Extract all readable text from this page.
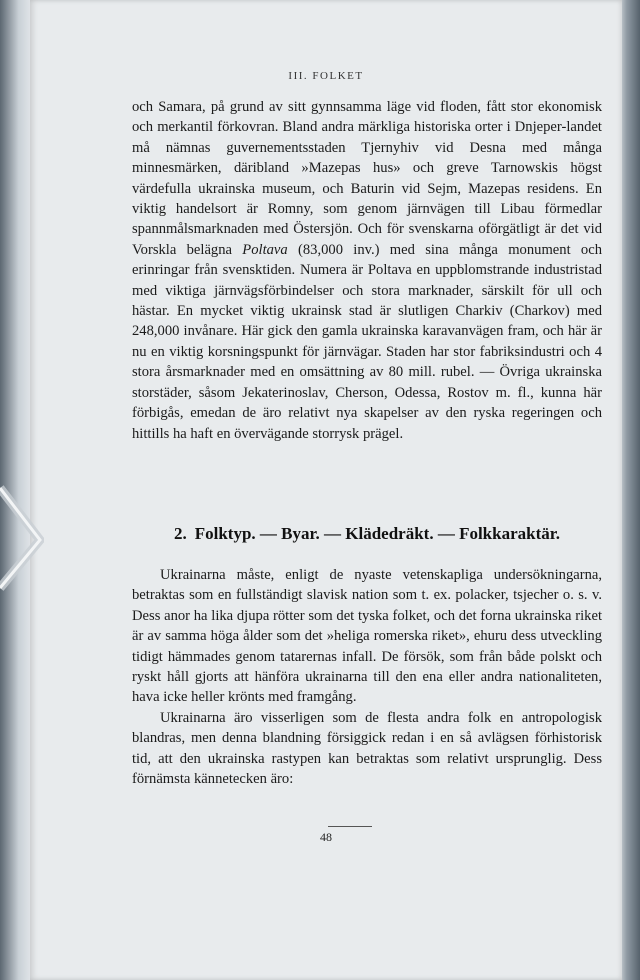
III. FOLKET

och Samara, på grund av sitt gynnsamma läge vid floden, fått stor ekonomisk och merkantil förkovran. Bland andra märkliga historiska orter i Dnjeper-landet må nämnas guvernementsstaden Tjernyhiv vid Desna med många minnesmärken, däribland »Mazepas hus» och greve Tarnowskis högst värdefulla ukrainska museum, och Baturin vid Sejm, Mazepas residens. En viktig handelsort är Romny, som genom järnvägen till Libau förmedlar spannmålsmarknaden med Östersjön. Och för svenskarna oförgätligt är det vid Vorskla belägna Poltava (83,000 inv.) med sina många monument och erinringar från svensktiden. Numera är Poltava en uppblomstrande industristad med viktiga järnvägsförbindelser och stora marknader, särskilt för ull och hästar. En mycket viktig ukrainsk stad är slutligen Charkiv (Charkov) med 248,000 invånare. Här gick den gamla ukrainska karavanvägen fram, och här är nu en viktig korsningspunkt för järnvägar. Staden har stor fabriksindustri och 4 stora årsmarknader med en omsättning av 80 mill. rubel. — Övriga ukrainska storstäder, såsom Jekaterinoslav, Cherson, Odessa, Rostov m. fl., kunna här förbigås, emedan de äro relativt nya skapelser av den ryska regeringen och hittills ha haft en övervägande storrysk prägel.

2. Folktyp. — Byar. — Klädedräkt. — Folkkaraktär.

Ukrainarna måste, enligt de nyaste vetenskapliga undersökningarna, betraktas som en fullständigt slavisk nation som t. ex. polacker, tsjecher o. s. v. Dess anor ha lika djupa rötter som det tyska folket, och det forna ukrainska riket är av samma höga ålder som det »heliga romerska riket», ehuru dess utveckling tidigt hämmades genom tatarernas infall. De försök, som från både polskt och ryskt håll gjorts att hänföra ukrainarna till den ena eller andra nationaliteten, hava icke heller krönts med framgång.

Ukrainarna äro visserligen som de flesta andra folk en antropologisk blandras, men denna blandning försiggick redan i en så avlägsen förhistorisk tid, att den ukrainska rastypen kan betraktas som relativt ursprunglig. Dess förnämsta kännetecken äro:

48
